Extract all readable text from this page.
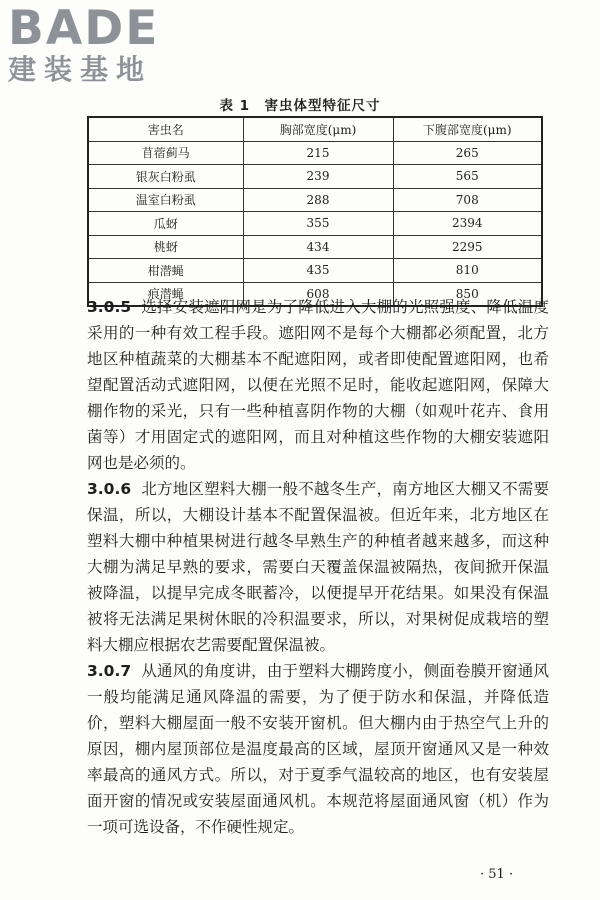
BADE
建装基地
表 1　害虫体型特征尺寸
害虫名	胸部宽度(μm)	下腹部宽度(μm)
苜蓿蓟马	215	265
银灰白粉虱	239	565
温室白粉虱	288	708
瓜蚜	355	2394
桃蚜	434	2295
柑潜蝇	435	810
痕潜蝇	608	850

3.0.5 选择安装遮阳网是为了降低进入大棚的光照强度、降低温度采用的一种有效工程手段。遮阳网不是每个大棚都必须配置，北方地区种植蔬菜的大棚基本不配遮阳网，或者即使配置遮阳网，也希望配置活动式遮阳网，以便在光照不足时，能收起遮阳网，保障大棚作物的采光，只有一些种植喜阴作物的大棚（如观叶花卉、食用菌等）才用固定式的遮阳网，而且对种植这些作物的大棚安装遮阳网也是必须的。

3.0.6 北方地区塑料大棚一般不越冬生产，南方地区大棚又不需要保温，所以，大棚设计基本不配置保温被。但近年来，北方地区在塑料大棚中种植果树进行越冬早熟生产的种植者越来越多，而这种大棚为满足早熟的要求，需要白天覆盖保温被隔热，夜间掀开保温被降温，以提早完成冬眠蓄冷，以便提早开花结果。如果没有保温被将无法满足果树休眠的冷积温要求，所以，对果树促成栽培的塑料大棚应根据农艺需要配置保温被。

3.0.7 从通风的角度讲，由于塑料大棚跨度小，侧面卷膜开窗通风一般均能满足通风降温的需要，为了便于防水和保温，并降低造价，塑料大棚屋面一般不安装开窗机。但大棚内由于热空气上升的原因，棚内屋顶部位是温度最高的区域，屋顶开窗通风又是一种效率最高的通风方式。所以，对于夏季气温较高的地区，也有安装屋面开窗的情况或安装屋面通风机。本规范将屋面通风窗（机）作为一项可选设备，不作硬性规定。

· 51 ·
